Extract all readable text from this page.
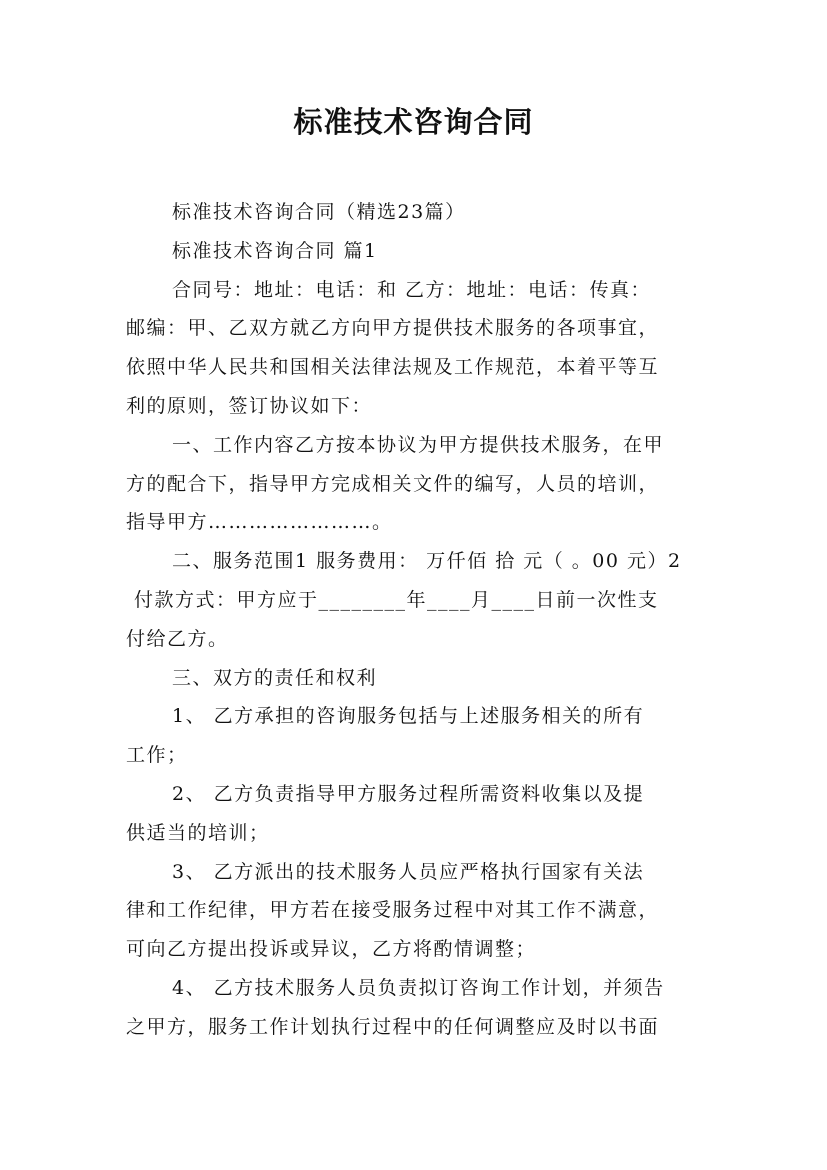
标准技术咨询合同

标准技术咨询合同（精选23篇）

标准技术咨询合同 篇1

合同号：地址：电话：和 乙方：地址：电话：传真：

邮编：甲、乙双方就乙方向甲方提供技术服务的各项事宜，

依照中华人民共和国相关法律法规及工作规范，本着平等互

利的原则，签订协议如下：

一、工作内容乙方按本协议为甲方提供技术服务，在甲

方的配合下，指导甲方完成相关文件的编写，人员的培训，

指导甲方……………………。

二、服务范围1 服务费用： 万仟佰 拾 元（ 。00 元）2

付款方式：甲方应于________年____月____日前一次性支

付给乙方。

三、双方的责任和权利

1、 乙方承担的咨询服务包括与上述服务相关的所有

工作；

2、 乙方负责指导甲方服务过程所需资料收集以及提

供适当的培训；

3、 乙方派出的技术服务人员应严格执行国家有关法

律和工作纪律，甲方若在接受服务过程中对其工作不满意，

可向乙方提出投诉或异议，乙方将酌情调整；

4、 乙方技术服务人员负责拟订咨询工作计划，并须告

之甲方，服务工作计划执行过程中的任何调整应及时以书面
